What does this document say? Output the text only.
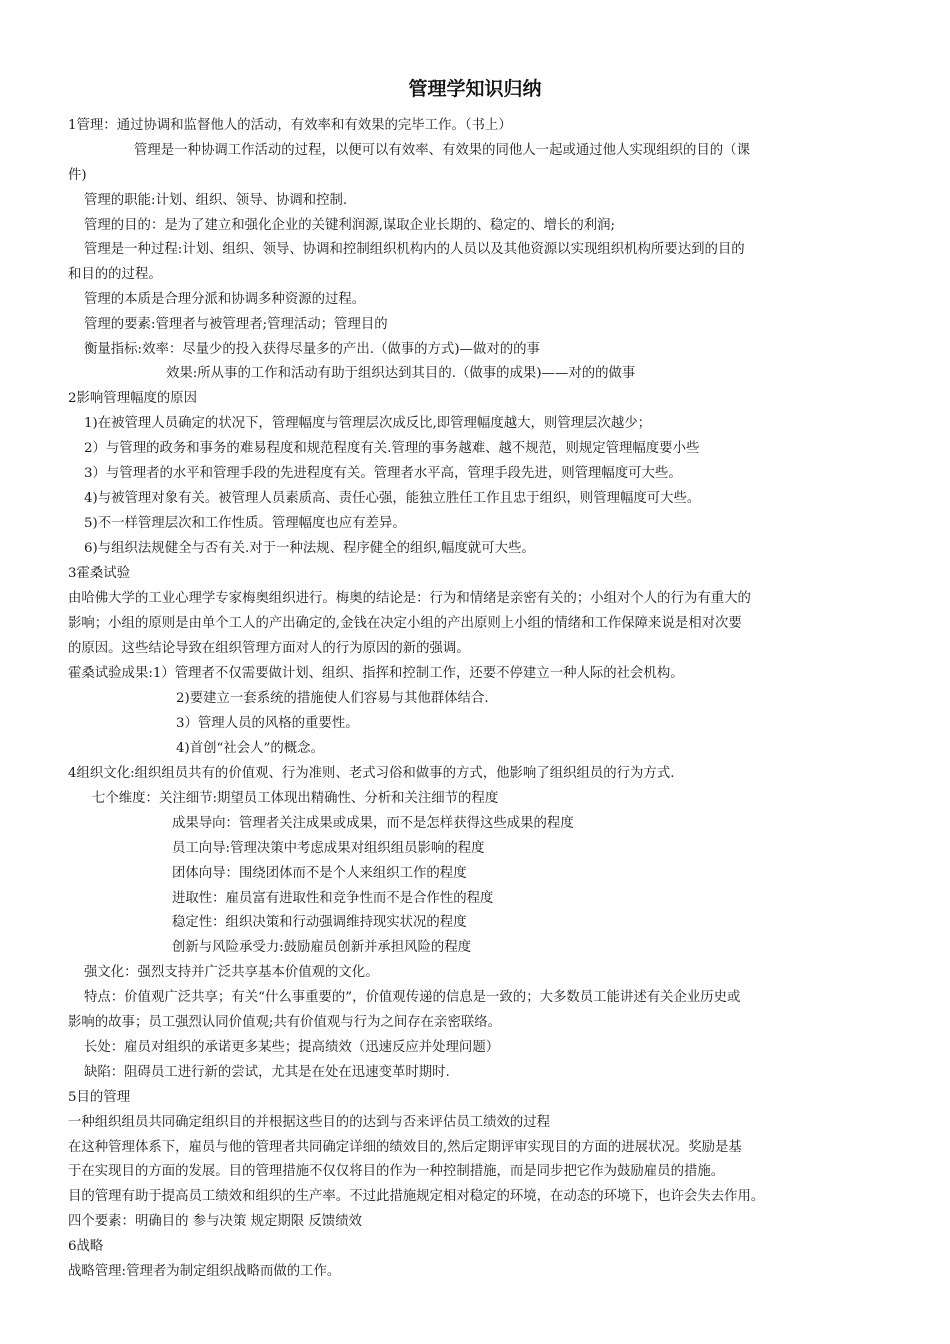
管理学知识归纳
1管理：通过协调和监督他人的活动，有效率和有效果的完毕工作。（书上）
管理是一种协调工作活动的过程，以便可以有效率、有效果的同他人一起或通过他人实现组织的目的（课
件)
管理的职能:计划、组织、领导、协调和控制.
管理的目的：是为了建立和强化企业的关键利润源,谋取企业长期的、稳定的、增长的利润;
管理是一种过程:计划、组织、领导、协调和控制组织机构内的人员以及其他资源以实现组织机构所要达到的目的
和目的的过程。
管理的本质是合理分派和协调多种资源的过程。
管理的要素:管理者与被管理者;管理活动；管理目的
衡量指标:效率：尽量少的投入获得尽量多的产出.（做事的方式)—做对的的事
效果:所从事的工作和活动有助于组织达到其目的.（做事的成果)——对的的做事
2影响管理幅度的原因
1)在被管理人员确定的状况下，管理幅度与管理层次成反比,即管理幅度越大，则管理层次越少；
2）与管理的政务和事务的难易程度和规范程度有关.管理的事务越难、越不规范，则规定管理幅度要小些
3）与管理者的水平和管理手段的先进程度有关。管理者水平高，管理手段先进，则管理幅度可大些。
4)与被管理对象有关。被管理人员素质高、责任心强，能独立胜任工作且忠于组织，则管理幅度可大些。
5)不一样管理层次和工作性质。管理幅度也应有差异。
6)与组织法规健全与否有关.对于一种法规、程序健全的组织,幅度就可大些。
3霍桑试验
由哈佛大学的工业心理学专家梅奥组织进行。梅奥的结论是：行为和情绪是亲密有关的；小组对个人的行为有重大的
影响；小组的原则是由单个工人的产出确定的,金钱在决定小组的产出原则上小组的情绪和工作保障来说是相对次要
的原因。这些结论导致在组织管理方面对人的行为原因的新的强调。
霍桑试验成果:1）管理者不仅需要做计划、组织、指挥和控制工作，还要不停建立一种人际的社会机构。
2)要建立一套系统的措施使人们容易与其他群体结合.
3）管理人员的风格的重要性。
4)首创“社会人”的概念。
4组织文化:组织组员共有的价值观、行为准则、老式习俗和做事的方式，他影响了组织组员的行为方式.
七个维度：关注细节:期望员工体现出精确性、分析和关注细节的程度
成果导向：管理者关注成果或成果，而不是怎样获得这些成果的程度
员工向导:管理决策中考虑成果对组织组员影响的程度
团体向导：围绕团体而不是个人来组织工作的程度
进取性：雇员富有进取性和竞争性而不是合作性的程度
稳定性：组织决策和行动强调维持现实状况的程度
创新与风险承受力:鼓励雇员创新并承担风险的程度
强文化：强烈支持并广泛共享基本价值观的文化。
特点：价值观广泛共享；有关“什么事重要的”，价值观传递的信息是一致的；大多数员工能讲述有关企业历史或
影响的故事；员工强烈认同价值观;共有价值观与行为之间存在亲密联络。
长处：雇员对组织的承诺更多某些；提高绩效（迅速反应并处理问题）
缺陷：阻碍员工进行新的尝试，尤其是在处在迅速变革时期时.
5目的管理
一种组织组员共同确定组织目的并根据这些目的的达到与否来评估员工绩效的过程
在这种管理体系下，雇员与他的管理者共同确定详细的绩效目的,然后定期评审实现目的方面的进展状况。奖励是基
于在实现目的方面的发展。目的管理措施不仅仅将目的作为一种控制措施，而是同步把它作为鼓励雇员的措施。
目的管理有助于提高员工绩效和组织的生产率。不过此措施规定相对稳定的环境，在动态的环境下，也许会失去作用。
四个要素：明确目的 参与决策 规定期限 反馈绩效
6战略
战略管理:管理者为制定组织战略而做的工作。
